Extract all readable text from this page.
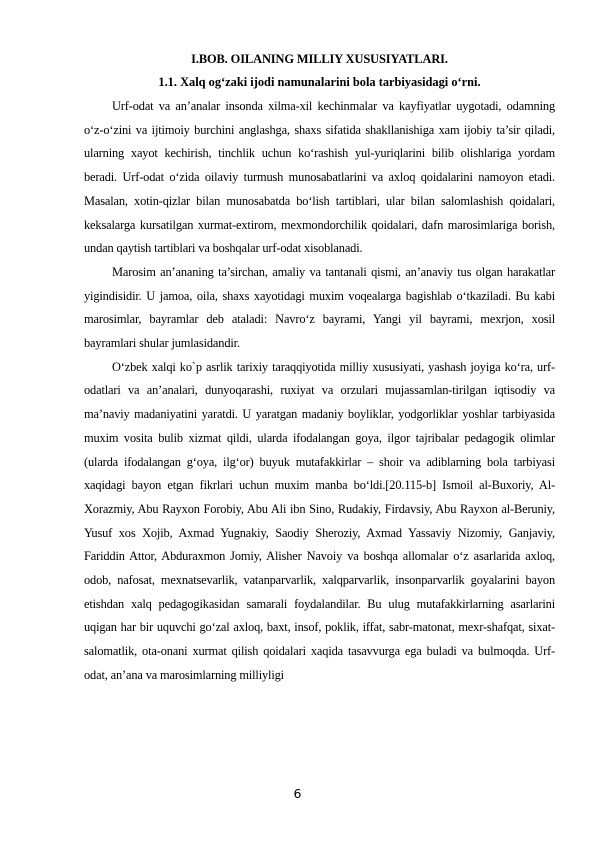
I.BOB. OILANING MILLIY XUSUSIYATLARI.
1.1. Xalq og‘zaki ijodi namunalarini bola tarbiyasidagi o‘rni.

Urf-odat va an’analar insonda xilma-xil kechinmalar va kayfiyatlar uygotadi, odamning o‘z-o‘zini va ijtimoiy burchini anglashga, shaxs sifatida shakllanishiga xam ijobiy ta’sir qiladi, ularning xayot kechirish, tinchlik uchun ko‘rashish yul-yuriqlarini bilib olishlariga yordam beradi. Urf-odat o‘zida oilaviy turmush munosabatlarini va axloq qoidalarini namoyon etadi. Masalan, xotin-qizlar bilan munosabatda bo‘lish tartiblari, ular bilan salomlashish qoidalari, keksalarga kursatilgan xurmat-extirom, mexmondorchilik qoidalari, dafn marosimlariga borish, undan qaytish tartiblari va boshqalar urf-odat xisoblanadi.

Marosim an’ananing ta’sirchan, amaliy va tantanali qismi, an’anaviy tus olgan harakatlar yigindisidir. U jamoa, oila, shaxs xayotidagi muxim voqealarga bagishlab o‘tkaziladi. Bu kabi marosimlar, bayramlar deb ataladi: Navro‘z bayrami, Yangi yil bayrami, mexrjon, xosil bayramlari shular jumlasidandir.

O‘zbek xalqi ko`p asrlik tarixiy taraqqiyotida milliy xususiyati, yashash joyiga ko‘ra, urf-odatlari va an’analari, dunyoqarashi, ruxiyat va orzulari mujassamlan-tirilgan iqtisodiy va ma’naviy madaniyatini yaratdi. U yaratgan madaniy boyliklar, yodgorliklar yoshlar tarbiyasida muxim vosita bulib xizmat qildi, ularda ifodalangan goya, ilgor tajribalar pedagogik olimlar (ularda ifodalangan g‘oya, ilg‘or) buyuk mutafakkirlar – shoir va adiblarning bola tarbiyasi xaqidagi bayon etgan fikrlari uchun muxim manba bo‘ldi.[20.115-b] Ismoil al-Buxoriy, Al-Xorazmiy, Abu Rayxon Forobiy, Abu Ali ibn Sino, Rudakiy, Firdavsiy, Abu Rayxon al-Beruniy, Yusuf xos Xojib, Axmad Yugnakiy, Saodiy Sheroziy, Axmad Yassaviy Nizomiy, Ganjaviy, Fariddin Attor, Abduraxmon Jomiy, Alisher Navoiy va boshqa allomalar o‘z asarlarida axloq, odob, nafosat, mexnatsevarlik, vatanparvarlik, xalqparvarlik, insonparvarlik goyalarini bayon etishdan xalq pedagogikasidan samarali foydalandilar. Bu ulug mutafakkirlarning asarlarini uqigan har bir uquvchi go‘zal axloq, baxt, insof, poklik, iffat, sabr-matonat, mexr-shafqat, sixat-salomatlik, ota-onani xurmat qilish qoidalari xaqida tasavvurga ega buladi va bulmoqda. Urf-odat, an’ana va marosimlarning milliyligi

6
